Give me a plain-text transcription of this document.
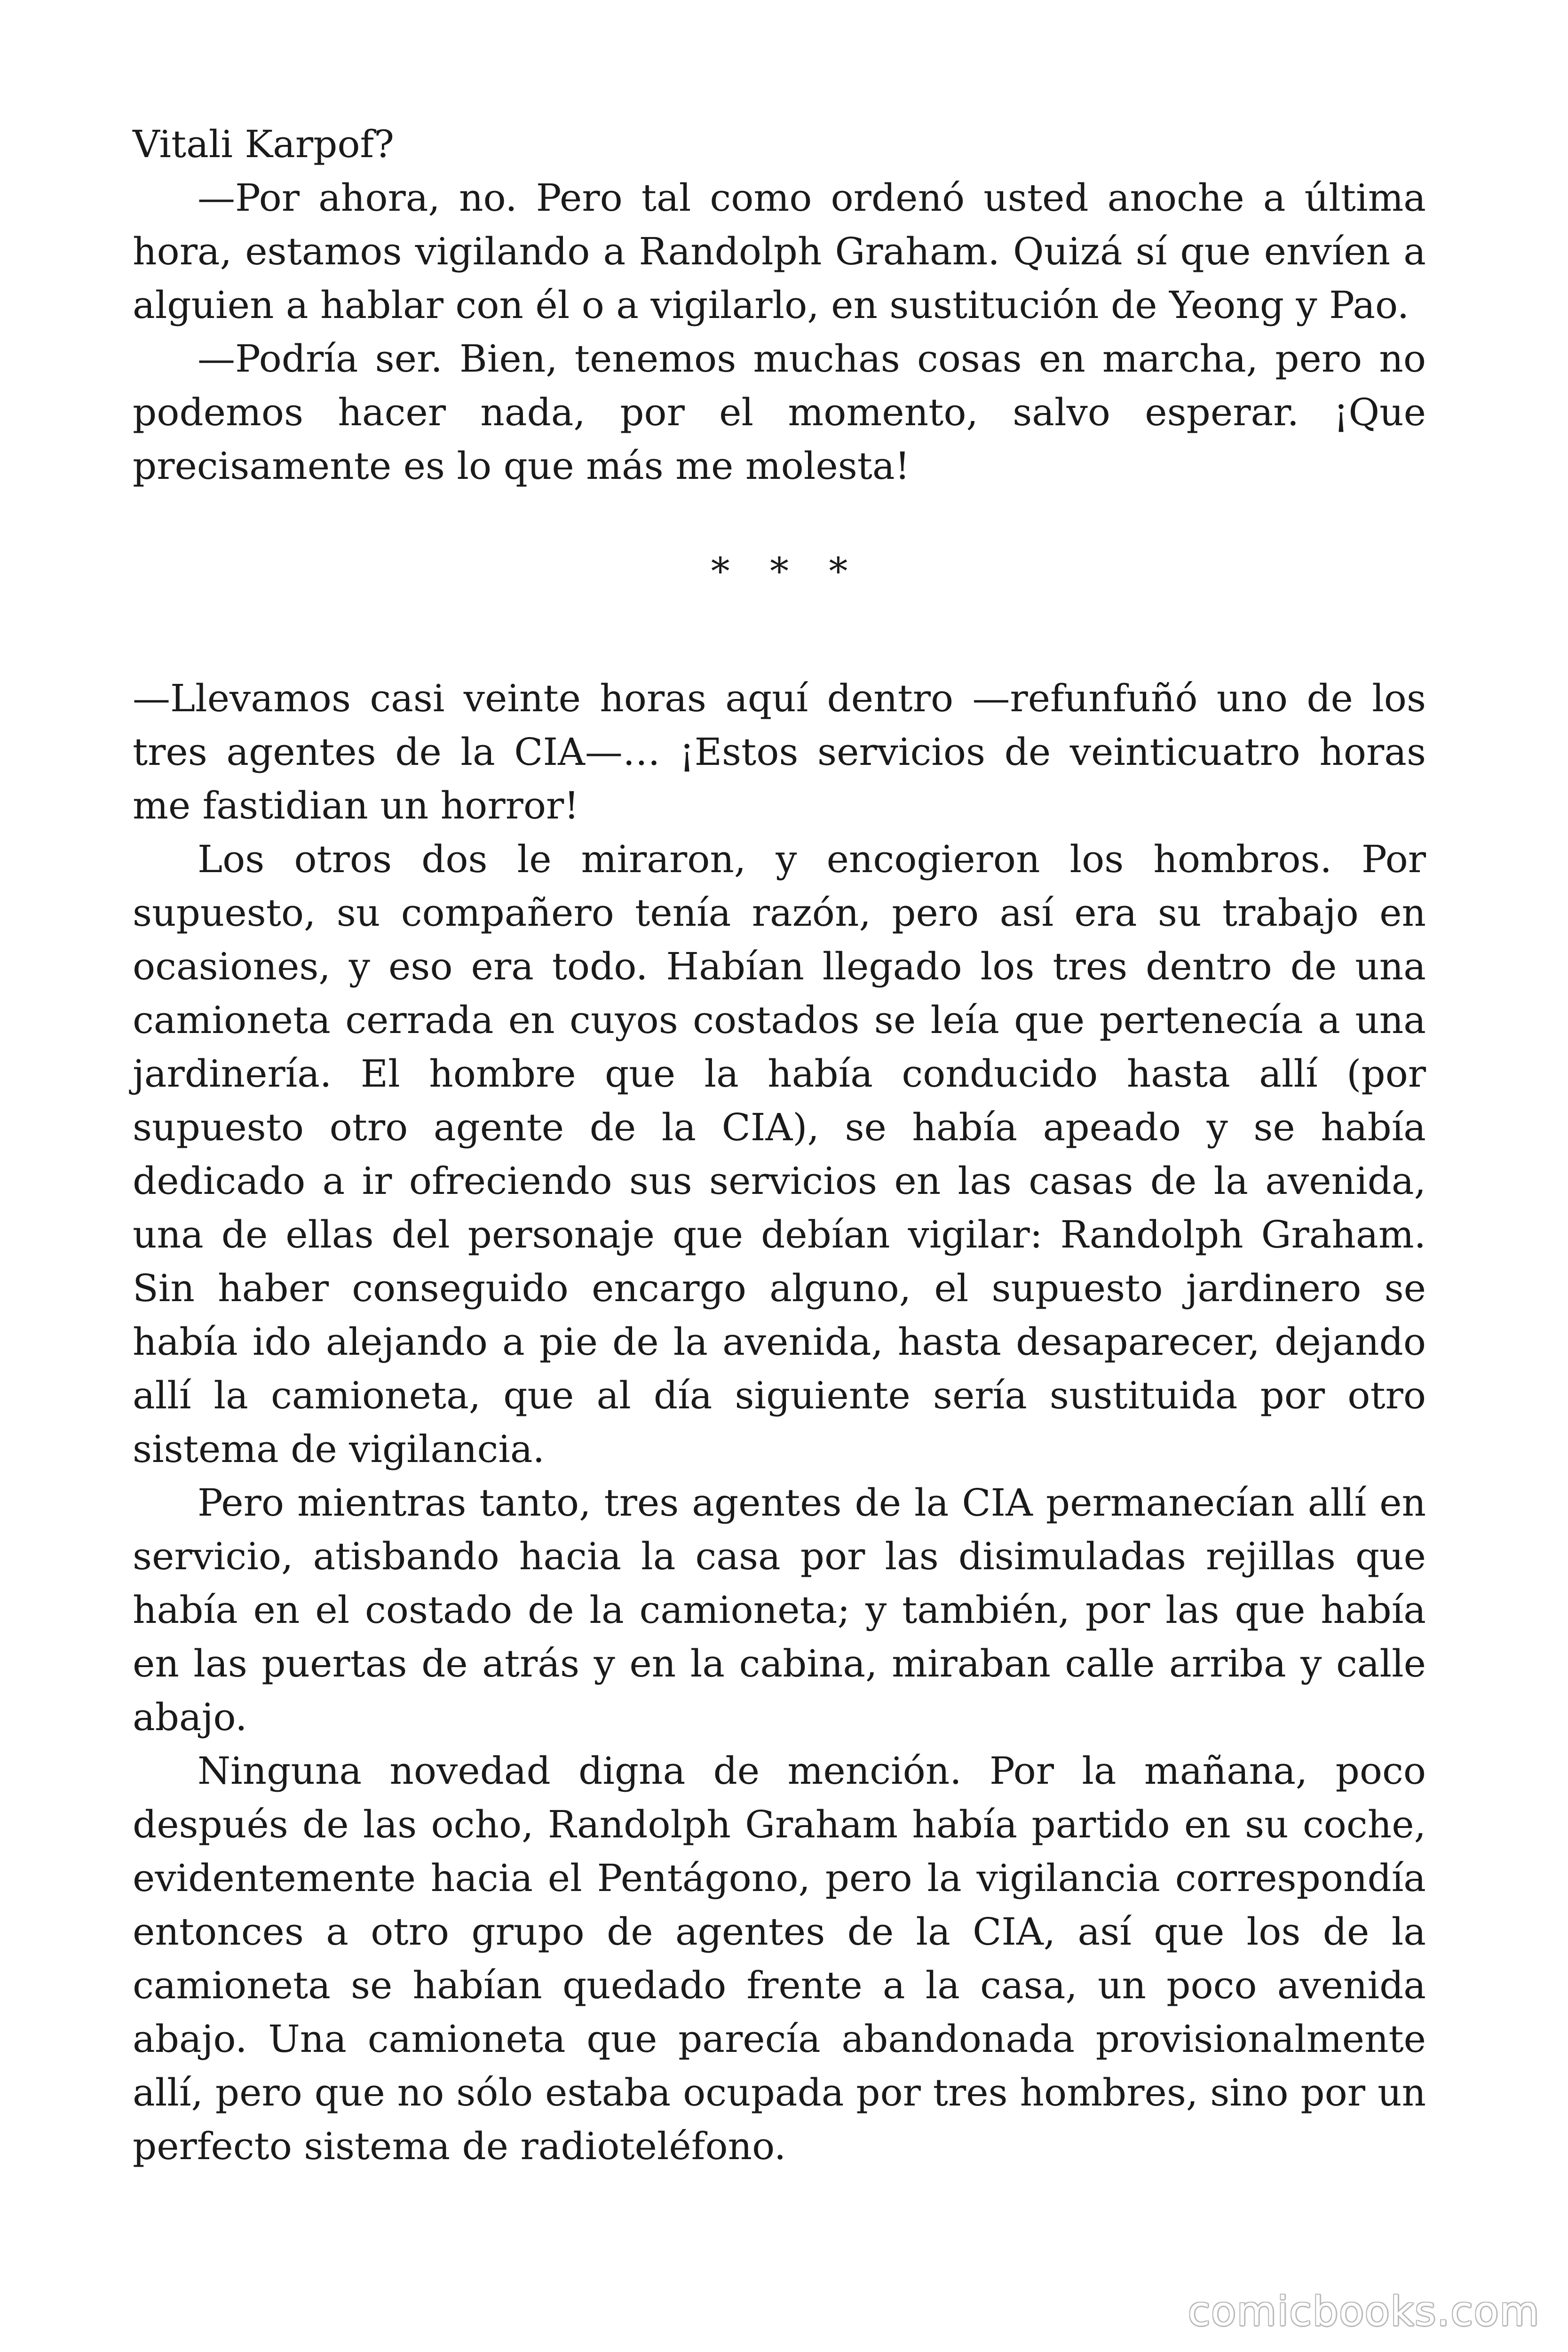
Vitali Karpof?

—Por ahora, no. Pero tal como ordenó usted anoche a última hora, estamos vigilando a Randolph Graham. Quizá sí que envíen a alguien a hablar con él o a vigilarlo, en sustitución de Yeong y Pao.

—Podría ser. Bien, tenemos muchas cosas en marcha, pero no podemos hacer nada, por el momento, salvo esperar. ¡Que precisamente es lo que más me molesta!

* * *

—Llevamos casi veinte horas aquí dentro —refunfuñó uno de los tres agentes de la CIA—… ¡Estos servicios de veinticuatro horas me fastidian un horror!

Los otros dos le miraron, y encogieron los hombros. Por supuesto, su compañero tenía razón, pero así era su trabajo en ocasiones, y eso era todo. Habían llegado los tres dentro de una camioneta cerrada en cuyos costados se leía que pertenecía a una jardinería. El hombre que la había conducido hasta allí (por supuesto otro agente de la CIA), se había apeado y se había dedicado a ir ofreciendo sus servicios en las casas de la avenida, una de ellas del personaje que debían vigilar: Randolph Graham. Sin haber conseguido encargo alguno, el supuesto jardinero se había ido alejando a pie de la avenida, hasta desaparecer, dejando allí la camioneta, que al día siguiente sería sustituida por otro sistema de vigilancia.

Pero mientras tanto, tres agentes de la CIA permanecían allí en servicio, atisbando hacia la casa por las disimuladas rejillas que había en el costado de la camioneta; y también, por las que había en las puertas de atrás y en la cabina, miraban calle arriba y calle abajo.

Ninguna novedad digna de mención. Por la mañana, poco después de las ocho, Randolph Graham había partido en su coche, evidentemente hacia el Pentágono, pero la vigilancia correspondía entonces a otro grupo de agentes de la CIA, así que los de la camioneta se habían quedado frente a la casa, un poco avenida abajo. Una camioneta que parecía abandonada provisionalmente allí, pero que no sólo estaba ocupada por tres hombres, sino por un perfecto sistema de radioteléfono.

comicbooks.com
